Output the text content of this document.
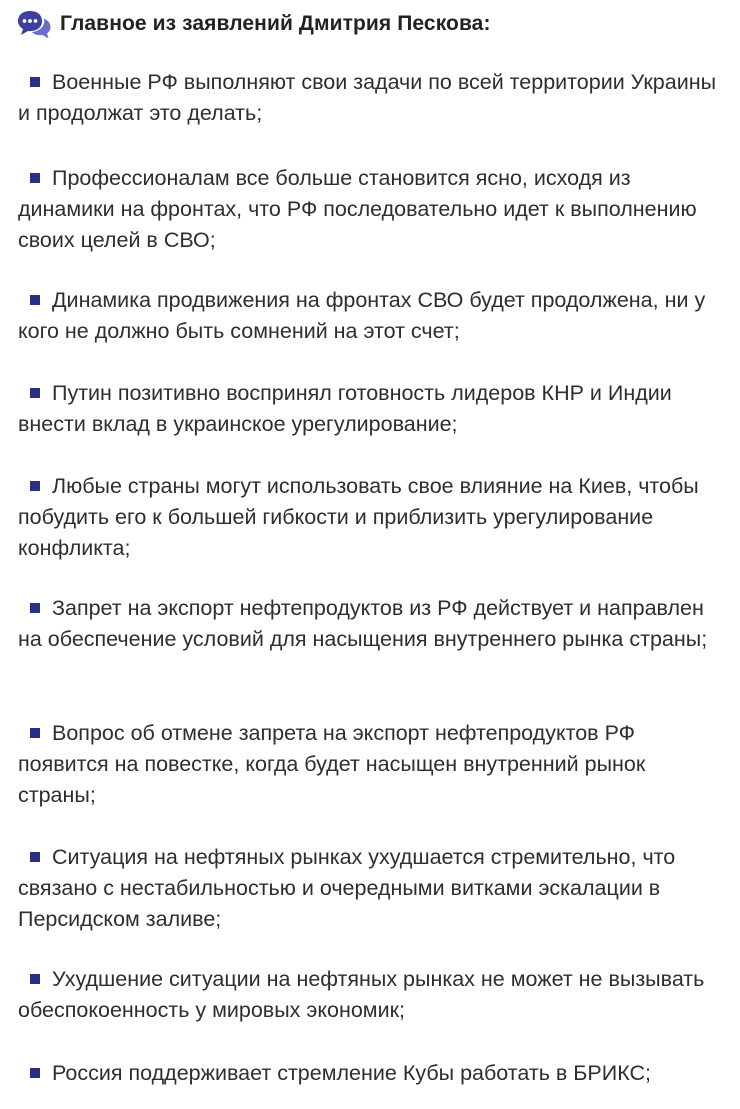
Главное из заявлений Дмитрия Пескова:
Военные РФ выполняют свои задачи по всей территории Украины и продолжат это делать;
Профессионалам все больше становится ясно, исходя из динамики на фронтах, что РФ последовательно идет к выполнению своих целей в СВО;
Динамика продвижения на фронтах СВО будет продолжена, ни у кого не должно быть сомнений на этот счет;
Путин позитивно воспринял готовность лидеров КНР и Индии внести вклад в украинское урегулирование;
Любые страны могут использовать свое влияние на Киев, чтобы побудить его к большей гибкости и приблизить урегулирование конфликта;
Запрет на экспорт нефтепродуктов из РФ действует и направлен на обеспечение условий для насыщения внутреннего рынка страны;
Вопрос об отмене запрета на экспорт нефтепродуктов РФ появится на повестке, когда будет насыщен внутренний рынок страны;
Ситуация на нефтяных рынках ухудшается стремительно, что связано с нестабильностью и очередными витками эскалации в Персидском заливе;
Ухудшение ситуации на нефтяных рынках не может не вызывать обеспокоенность у мировых экономик;
Россия поддерживает стремление Кубы работать в БРИКС;
